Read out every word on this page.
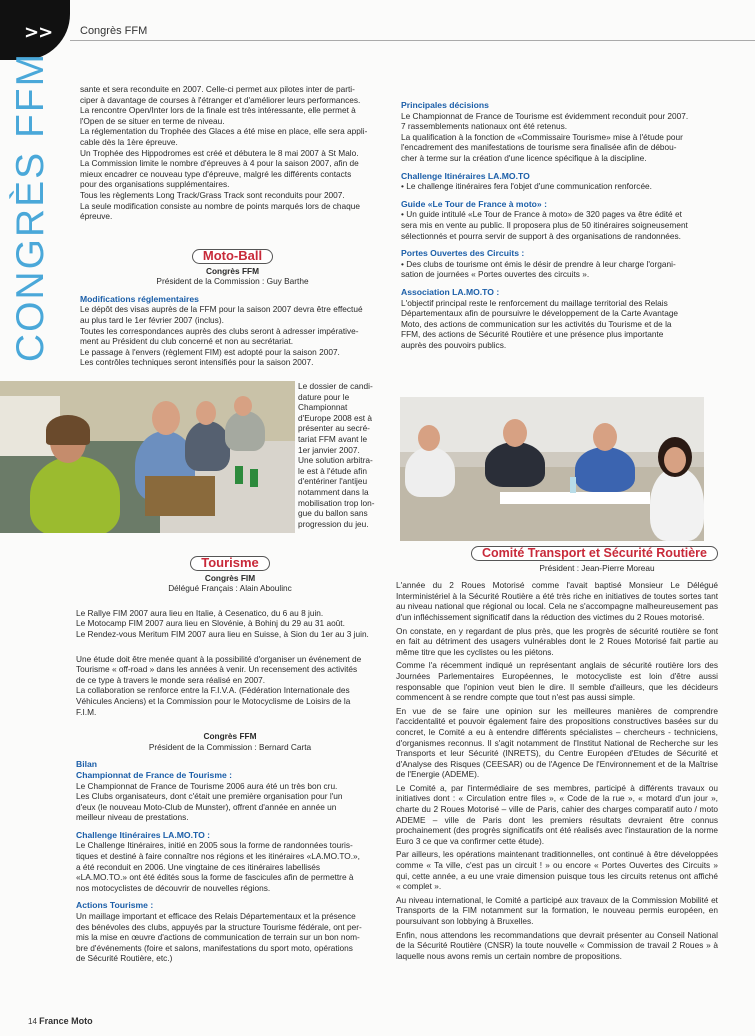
>>	Congrès FFM
CONGRÈS FFM	sante et sera reconduite en 2007. Celle-ci permet aux pilotes inter de parti-
ciper à davantage de courses à l'étranger et d'améliorer leurs performances.
La rencontre Open/Inter lors de la finale est très intéressante, elle permet à
l'Open de se situer en terme de niveau.
La réglementation du Trophée des Glaces a été mise en place, elle sera appli-
cable dès la 1ère épreuve.
Un Trophée des Hippodromes est créé et débutera le 8 mai 2007 à St Malo.
La Commission limite le nombre d'épreuves à 4 pour la saison 2007, afin de
mieux encadrer ce nouveau type d'épreuve, malgré les différents contacts
pour des organisations supplémentaires.
Tous les règlements Long Track/Grass Track sont reconduits pour 2007.
La seule modification consiste au nombre de points marqués lors de chaque
épreuve.
Moto-Ball
Congrès FFM
Président de la Commission : Guy Barthe
Modifications réglementaires
Le dépôt des visas auprès de la FFM pour la saison 2007 devra être effectué
au plus tard le 1er février 2007 (inclus).
Toutes les correspondances auprès des clubs seront à adresser impérative-
ment au Président du club concerné et non au secrétariat.
Le passage à l'envers (règlement FIM) est adopté pour la saison 2007.
Les contrôles techniques seront intensifiés pour la saison 2007.
Le dossier de candi-
dature pour le
Championnat
d'Europe 2008 est à
présenter au secré-
tariat FFM avant le
1er janvier 2007.
Une solution arbitra-
le est à l'étude afin
d'entériner l'antijeu
notamment dans la
mobilisation trop lon-
gue du ballon sans
progression du jeu.
Tourisme
Congrès FIM
Délégué Français : Alain Aboulinc
Le Rallye FIM 2007 aura lieu en Italie, à Cesenatico, du 6 au 8 juin.
Le Motocamp FIM 2007 aura lieu en Slovénie, à Bohinj du 29 au 31 août.
Le Rendez-vous Meritum FIM 2007 aura lieu en Suisse, à Sion du 1er au 3 juin.
Une étude doit être menée quant à la possibilité d'organiser un événement de
Tourisme « off-road » dans les années à venir. Un recensement des activités
de ce type à travers le monde sera réalisé en 2007.
La collaboration se renforce entre la F.I.V.A. (Fédération Internationale des
Véhicules Anciens) et la Commission pour le Motocyclisme de Loisirs de la
F.I.M.
Congrès FFM
Président de la Commission : Bernard Carta
Bilan
Championnat de France de Tourisme :
Le Championnat de France de Tourisme 2006 aura été un très bon cru.
Les Clubs organisateurs, dont c'était une première organisation pour l'un
d'eux (le nouveau Moto-Club de Munster), offrent d'année en année un
meilleur niveau de prestations.
Challenge Itinéraires LA.MO.TO :
Le Challenge Itinéraires, initié en 2005 sous la forme de randonnées touris-
tiques et destiné à faire connaître nos régions et les itinéraires «LA.MO.TO.»,
a été reconduit en 2006. Une vingtaine de ces itinéraires labellisés
«LA.MO.TO.» ont été édités sous la forme de fascicules afin de permettre à
nos motocyclistes de découvrir de nouvelles régions.
Actions Tourisme :
Un maillage important et efficace des Relais Départementaux et la présence
des bénévoles des clubs, appuyés par la structure Tourisme fédérale, ont per-
mis la mise en œuvre d'actions de communication de terrain sur un bon nom-
bre d'événements (foire et salons, manifestations du sport moto, opérations
de Sécurité Routière, etc.)
Principales décisions
Le Championnat de France de Tourisme est évidemment reconduit pour 2007.
7 rassemblements nationaux ont été retenus.
La qualification à la fonction de «Commissaire Tourisme» mise à l'étude pour
l'encadrement des manifestations de tourisme sera finalisée afin de débou-
cher à terme sur la création d'une licence spécifique à la discipline.
Challenge Itinéraires LA.MO.TO
• Le challenge itinéraires fera l'objet d'une communication renforcée.
Guide «Le Tour de France à moto» :
• Un guide intitulé «Le Tour de France à moto» de 320 pages va être édité et
sera mis en vente au public. Il proposera plus de 50 itinéraires soigneusement
sélectionnés et pourra servir de support à des organisations de randonnées.
Portes Ouvertes des Circuits :
• Des clubs de tourisme ont émis le désir de prendre à leur charge l'organi-
sation de journées « Portes ouvertes des circuits ».
Association LA.MO.TO :
L'objectif principal reste le renforcement du maillage territorial des Relais
Départementaux afin de poursuivre le développement de la Carte Avantage
Moto, des actions de communication sur les activités du Tourisme et de la
FFM, des actions de Sécurité Routière et une présence plus importante
auprès des pouvoirs publics.
Comité Transport et Sécurité Routière
Président : Jean-Pierre Moreau

L'année du 2 Roues Motorisé comme l'avait baptisé Monsieur Le Délégué Interministériel à la Sécurité Routière a été très riche en initiatives de toutes sortes tant au niveau national que régional ou local. Cela ne s'accompagne malheureusement pas d'un infléchissement significatif dans la réduction des victimes du 2 Roues motorisé.

On constate, en y regardant de plus près, que les progrès de sécurité routière se font en fait au détriment des usagers vulnérables dont le 2 Roues Motorisé fait partie au même titre que les cyclistes ou les piétons.

Comme l'a récemment indiqué un représentant anglais de sécurité routière lors des Journées Parlementaires Européennes, le motocycliste est loin d'être aussi responsable que l'opinion veut bien le dire. Il semble d'ailleurs, que les décideurs commencent à se rendre compte que tout n'est pas aussi simple.

En vue de se faire une opinion sur les meilleures manières de comprendre l'accidentalité et pouvoir également faire des propositions constructives basées sur du concret, le Comité a eu à entendre différents spécialistes – chercheurs - techniciens, d'organismes reconnus. Il s'agit notamment de l'Institut National de Recherche sur les Transports et leur Sécurité (INRETS), du Centre Européen d'Etudes de Sécurité et d'Analyse des Risques (CEESAR) ou de l'Agence De l'Environnement et de la Maîtrise de l'Energie (ADEME).

Le Comité a, par l'intermédiaire de ses membres, participé à différents travaux ou initiatives dont : « Circulation entre files », « Code de la rue », « motard d'un jour », charte du 2 Roues Motorisé – ville de Paris, cahier des charges comparatif auto / moto ADEME – ville de Paris dont les premiers résultats devraient être connus prochainement (des progrès significatifs ont été réalisés avec l'instauration de la norme Euro 3 ce que va confirmer cette étude).

Par ailleurs, les opérations maintenant traditionnelles, ont continué à être développées comme « Ta ville, c'est pas un circuit ! » ou encore « Portes Ouvertes des Circuits » qui, cette année, a eu une vraie dimension puisque tous les circuits retenus ont affiché « complet ».

Au niveau international, le Comité a participé aux travaux de la Commission Mobilité et Transports de la FIM notamment sur la formation, le nouveau permis européen, en poursuivant son lobbying à Bruxelles.

Enfin, nous attendons les recommandations que devrait présenter au Conseil National de la Sécurité Routière (CNSR) la toute nouvelle « Commission de travail 2 Roues » à laquelle nous avons remis un certain nombre de propositions.

14 France Moto
